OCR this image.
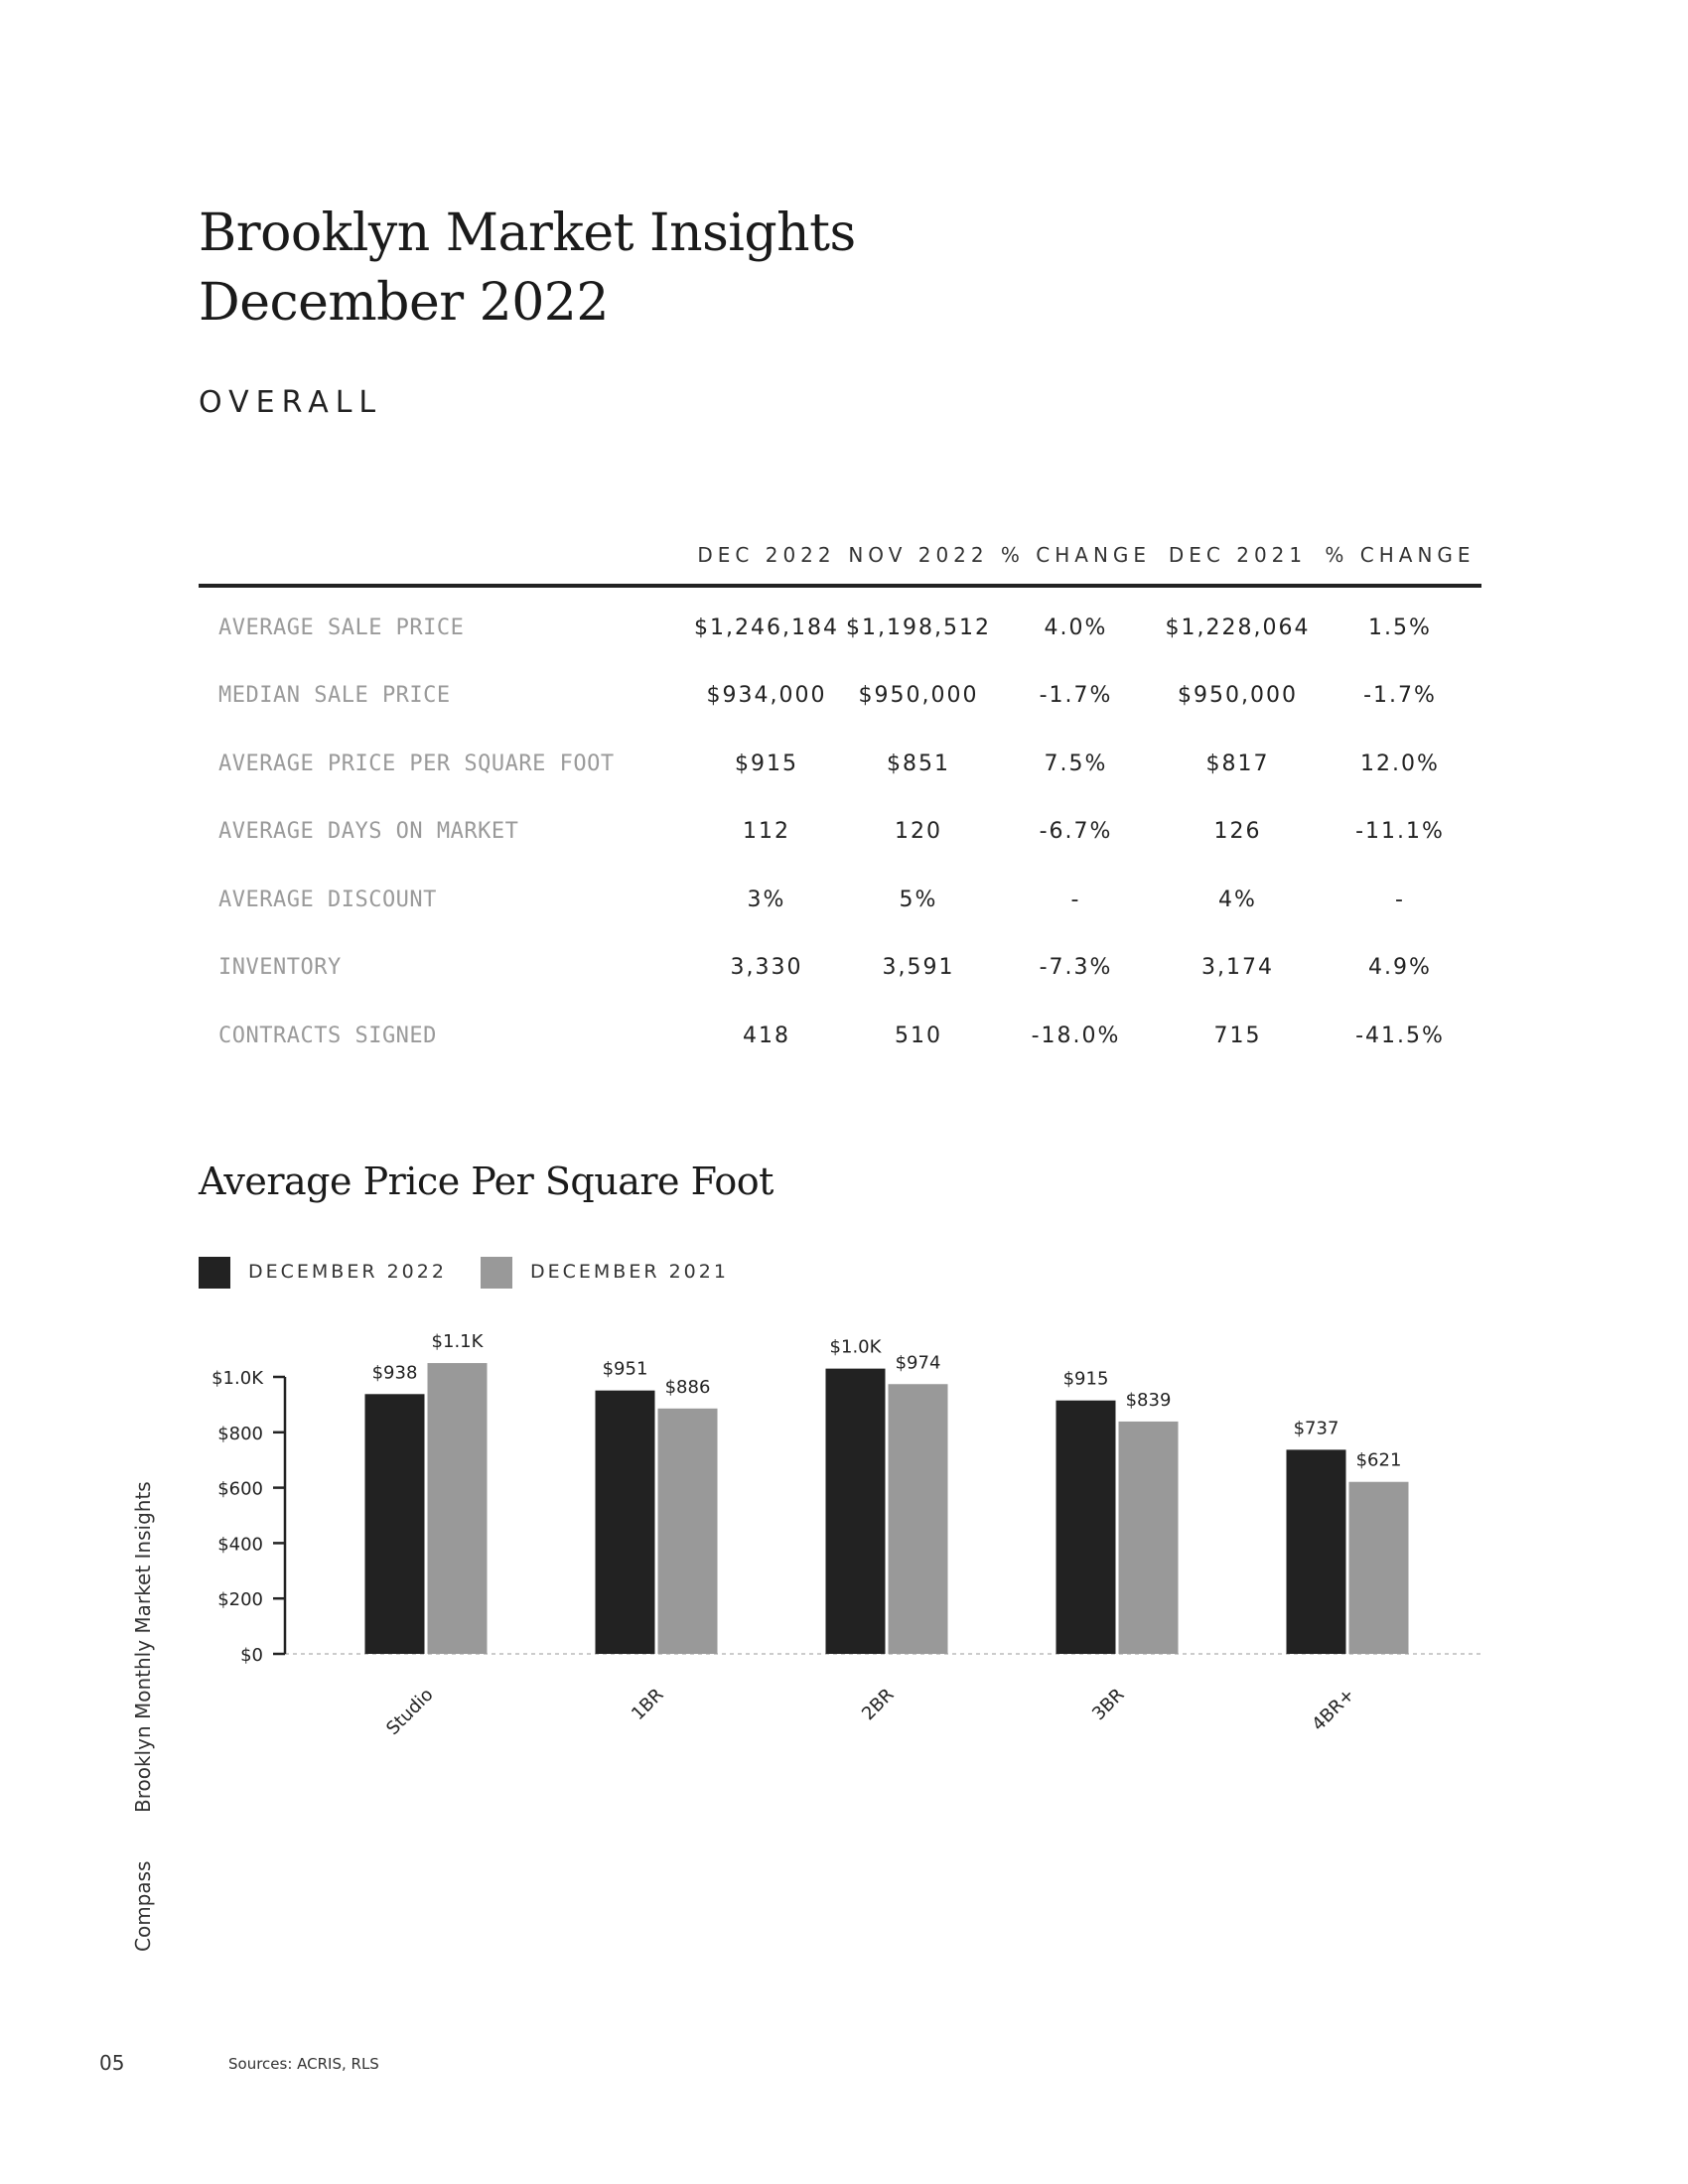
Brooklyn Market Insights
December 2022
OVERALL
	DEC 2022	NOV 2022	% CHANGE	DEC 2021	% CHANGE
AVERAGE SALE PRICE	$1,246,184	$1,198,512	4.0%	$1,228,064	1.5%
MEDIAN SALE PRICE	$934,000	$950,000	-1.7%	$950,000	-1.7%
AVERAGE PRICE PER SQUARE FOOT	$915	$851	7.5%	$817	12.0%
AVERAGE DAYS ON MARKET	112	120	-6.7%	126	-11.1%
AVERAGE DISCOUNT	3%	5%	-	4%	-
INVENTORY	3,330	3,591	-7.3%	3,174	4.9%
CONTRACTS SIGNED	418	510	-18.0%	715	-41.5%
Average Price Per Square Foot
DECEMBER 2022	DECEMBER 2021
$0
$200
$400
$600
$800
$1.0K	$938
$1.1K
Studio
$951
$886
1BR
$1.0K
$974
2BR
$915
$839
3BR
$737
$621
4BR+
Compass
Brooklyn Monthly Market Insights
05	Sources: ACRIS, RLS
